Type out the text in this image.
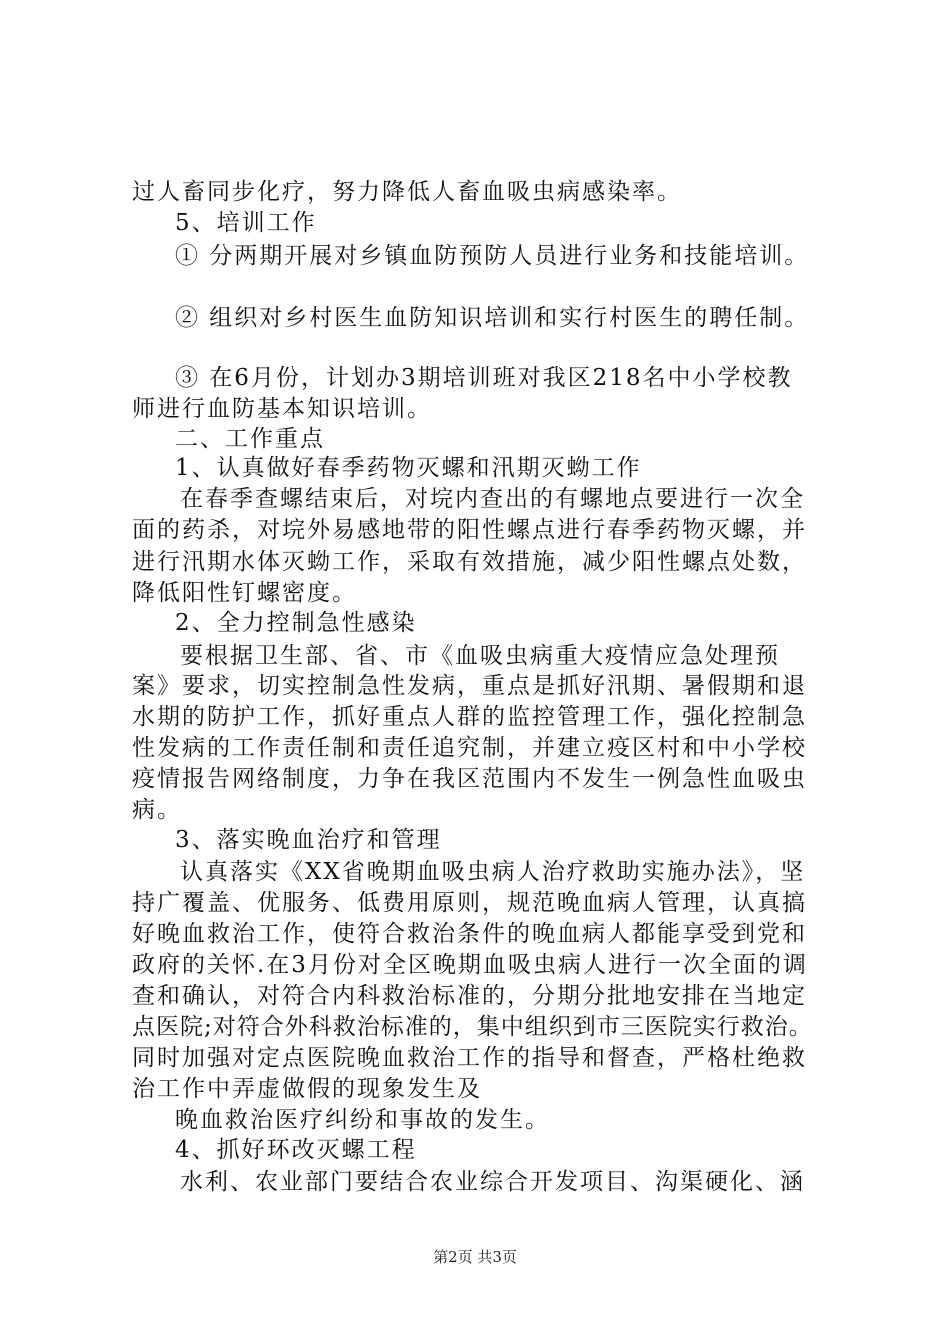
过人畜同步化疗，努力降低人畜血吸虫病感染率。
5、培训工作
① 分两期开展对乡镇血防预防人员进行业务和技能培训。
② 组织对乡村医生血防知识培训和实行村医生的聘任制。
③ 在6月份，计划办3期培训班对我区218名中小学校教
师进行血防基本知识培训。
二、工作重点
1、认真做好春季药物灭螺和汛期灭蚴工作
在春季查螺结束后，对垸内查出的有螺地点要进行一次全
面的药杀，对垸外易感地带的阳性螺点进行春季药物灭螺，并
进行汛期水体灭蚴工作，采取有效措施，减少阳性螺点处数，
降低阳性钉螺密度。
2、全力控制急性感染
要根据卫生部、省、市《血吸虫病重大疫情应急处理预
案》要求，切实控制急性发病，重点是抓好汛期、暑假期和退
水期的防护工作，抓好重点人群的监控管理工作，强化控制急
性发病的工作责任制和责任追究制，并建立疫区村和中小学校
疫情报告网络制度，力争在我区范围内不发生一例急性血吸虫
病。
3、落实晚血治疗和管理
认真落实《XX省晚期血吸虫病人治疗救助实施办法》，坚
持广覆盖、优服务、低费用原则，规范晚血病人管理，认真搞
好晚血救治工作，使符合救治条件的晚血病人都能享受到党和
政府的关怀.在3月份对全区晚期血吸虫病人进行一次全面的调
查和确认，对符合内科救治标准的，分期分批地安排在当地定
点医院;对符合外科救治标准的，集中组织到市三医院实行救治。
同时加强对定点医院晚血救治工作的指导和督查，严格杜绝救
治工作中弄虚做假的现象发生及
晚血救治医疗纠纷和事故的发生。
4、抓好环改灭螺工程
水利、农业部门要结合农业综合开发项目、沟渠硬化、涵
第2页 共3页
